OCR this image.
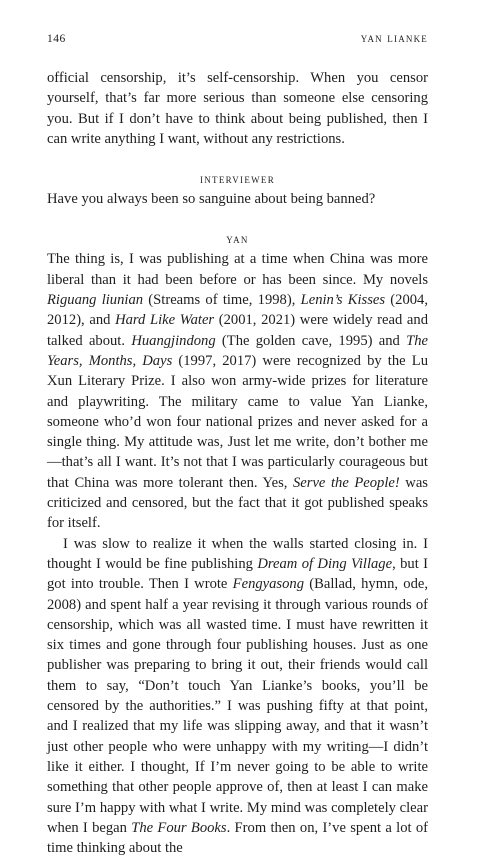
146	yan lianke

official censorship, it’s self-censorship. When you censor yourself, that’s far more serious than someone else censoring you. But if I don’t have to think about being published, then I can write anything I want, without any restrictions.

interviewer

Have you always been so sanguine about being banned?

yan

The thing is, I was publishing at a time when China was more liberal than it had been before or has been since. My novels Riguang liunian (Streams of time, 1998), Lenin’s Kisses (2004, 2012), and Hard Like Water (2001, 2021) were widely read and talked about. Huangjindong (The golden cave, 1995) and The Years, Months, Days (1997, 2017) were recognized by the Lu Xun Literary Prize. I also won army-wide prizes for literature and playwriting. The military came to value Yan Lianke, someone who’d won four national prizes and never asked for a single thing. My attitude was, Just let me write, don’t bother me—that’s all I want. It’s not that I was particularly courageous but that China was more tolerant then. Yes, Serve the People! was criticized and censored, but the fact that it got published speaks for itself.

I was slow to realize it when the walls started closing in. I thought I would be fine publishing Dream of Ding Village, but I got into trouble. Then I wrote Fengyasong (Ballad, hymn, ode, 2008) and spent half a year revising it through various rounds of censorship, which was all wasted time. I must have rewritten it six times and gone through four publishing houses. Just as one publisher was preparing to bring it out, their friends would call them to say, “Don’t touch Yan Lianke’s books, you’ll be censored by the authorities.” I was pushing fifty at that point, and I realized that my life was slipping away, and that it wasn’t just other people who were unhappy with my writing—I didn’t like it either. I thought, If I’m never going to be able to write something that other people approve of, then at least I can make sure I’m happy with what I write. My mind was completely clear when I began The Four Books. From then on, I’ve spent a lot of time thinking about the
